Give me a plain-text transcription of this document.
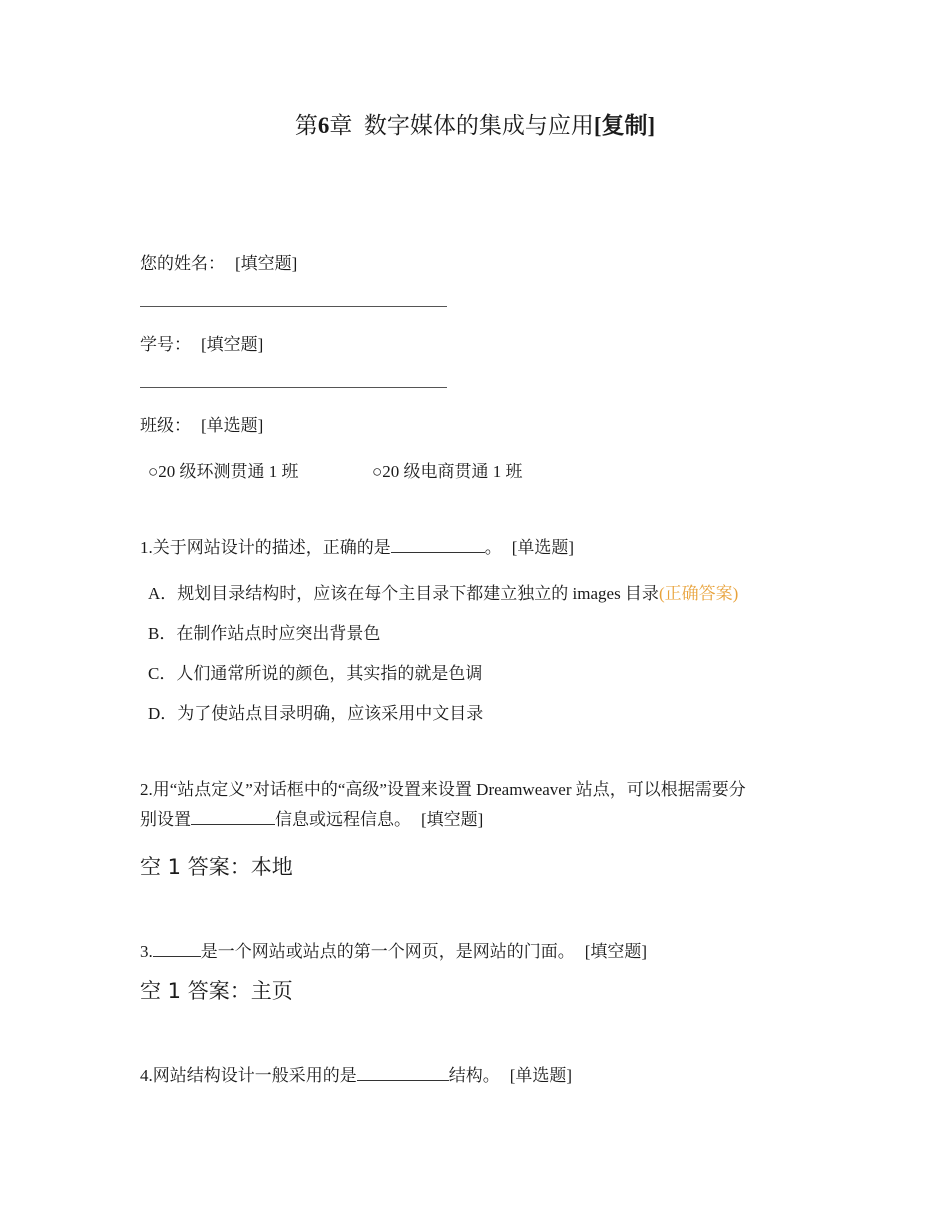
第6章 数字媒体的集成与应用[复制]
您的姓名： [填空题]
学号： [填空题]
班级： [单选题]
○20 级环测贯通 1 班	○20 级电商贯通 1 班
1.关于网站设计的描述，正确的是	。 [单选题]
A．规划目录结构时，应该在每个主目录下都建立独立的 images 目录(正确答案)
B．在制作站点时应突出背景色
C．人们通常所说的颜色，其实指的就是色调
D．为了使站点目录明确，应该采用中文目录
2.用“站点定义”对话框中的“高级”设置来设置 Dreamweaver 站点，可以根据需要分
别设置	信息或远程信息。 [填空题]
空 1 答案：本地
3.	是一个网站或站点的第一个网页，是网站的门面。 [填空题]
空 1 答案：主页
4.网站结构设计一般采用的是	结构。 [单选题]
